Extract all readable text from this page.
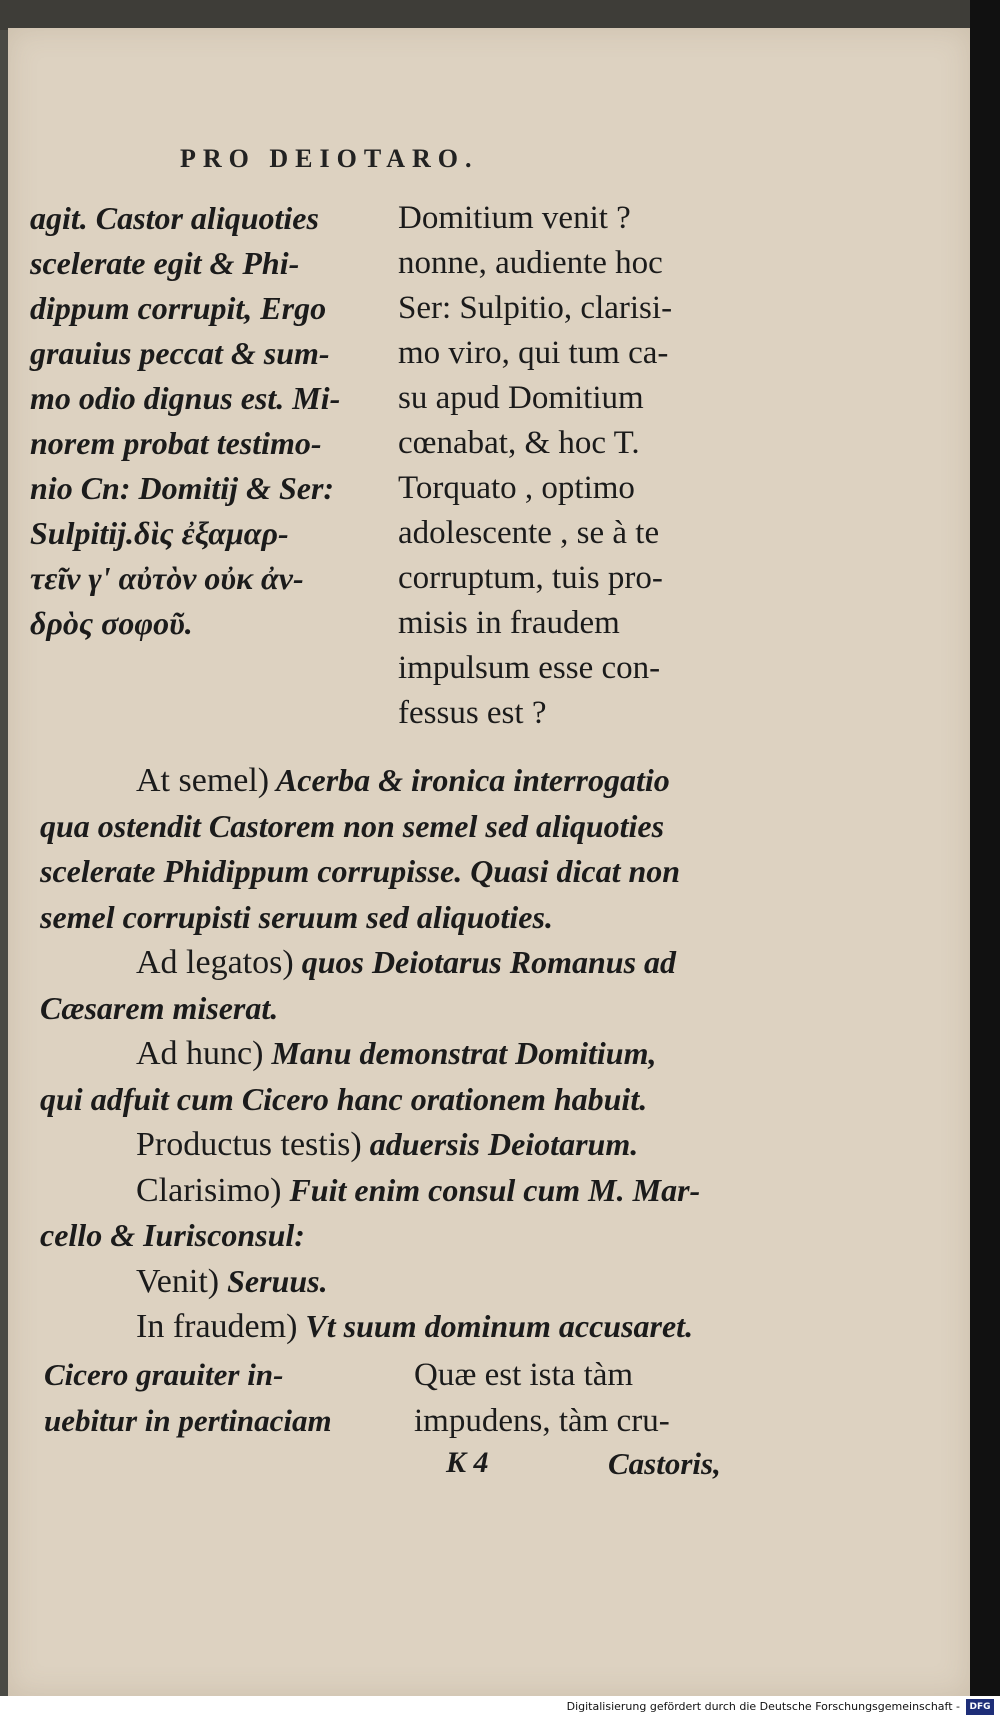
PRO DEIOTARO.
agit. Castor aliquoties
scelerate egit & Phi-
dippum corrupit, Ergo
grauius peccat & sum-
mo odio dignus est. Mi-
norem probat testimo-
nio Cn: Domitij & Ser:
Sulpitij.δὶς ἐξαμαρ-
τεῖν γ' αὐτὸν οὐκ ἀν-
δρὸς σοφοῦ.
Domitium venit ?
nonne, audiente hoc
Ser: Sulpitio, clarisi-
mo viro, qui tum ca-
su apud Domitium
cœnabat, & hoc T.
Torquato , optimo
adolescente , se à te
corruptum, tuis pro-
misis in fraudem
impulsum esse con-
fessus est ?
At semel) Acerba & ironica interrogatio
qua ostendit Castorem non semel sed aliquoties
scelerate Phidippum corrupisse. Quasi dicat non
semel corrupisti seruum sed aliquoties.
Ad legatos) quos Deiotarus Romanus ad
Cæsarem miserat.
Ad hunc) Manu demonstrat Domitium,
qui adfuit cum Cicero hanc orationem habuit.
Productus testis) aduersis Deiotarum.
Clarisimo) Fuit enim consul cum M. Mar-
cello & Iurisconsul:
Venit) Seruus.
In fraudem) Vt suum dominum accusaret.
Cicero grauiter in-
uebitur in pertinaciam
Quæ est ista tàm
impudens, tàm cru-
K 4	Castoris,
Digitalisierung gefördert durch die Deutsche Forschungsgemeinschaft -	DFG
